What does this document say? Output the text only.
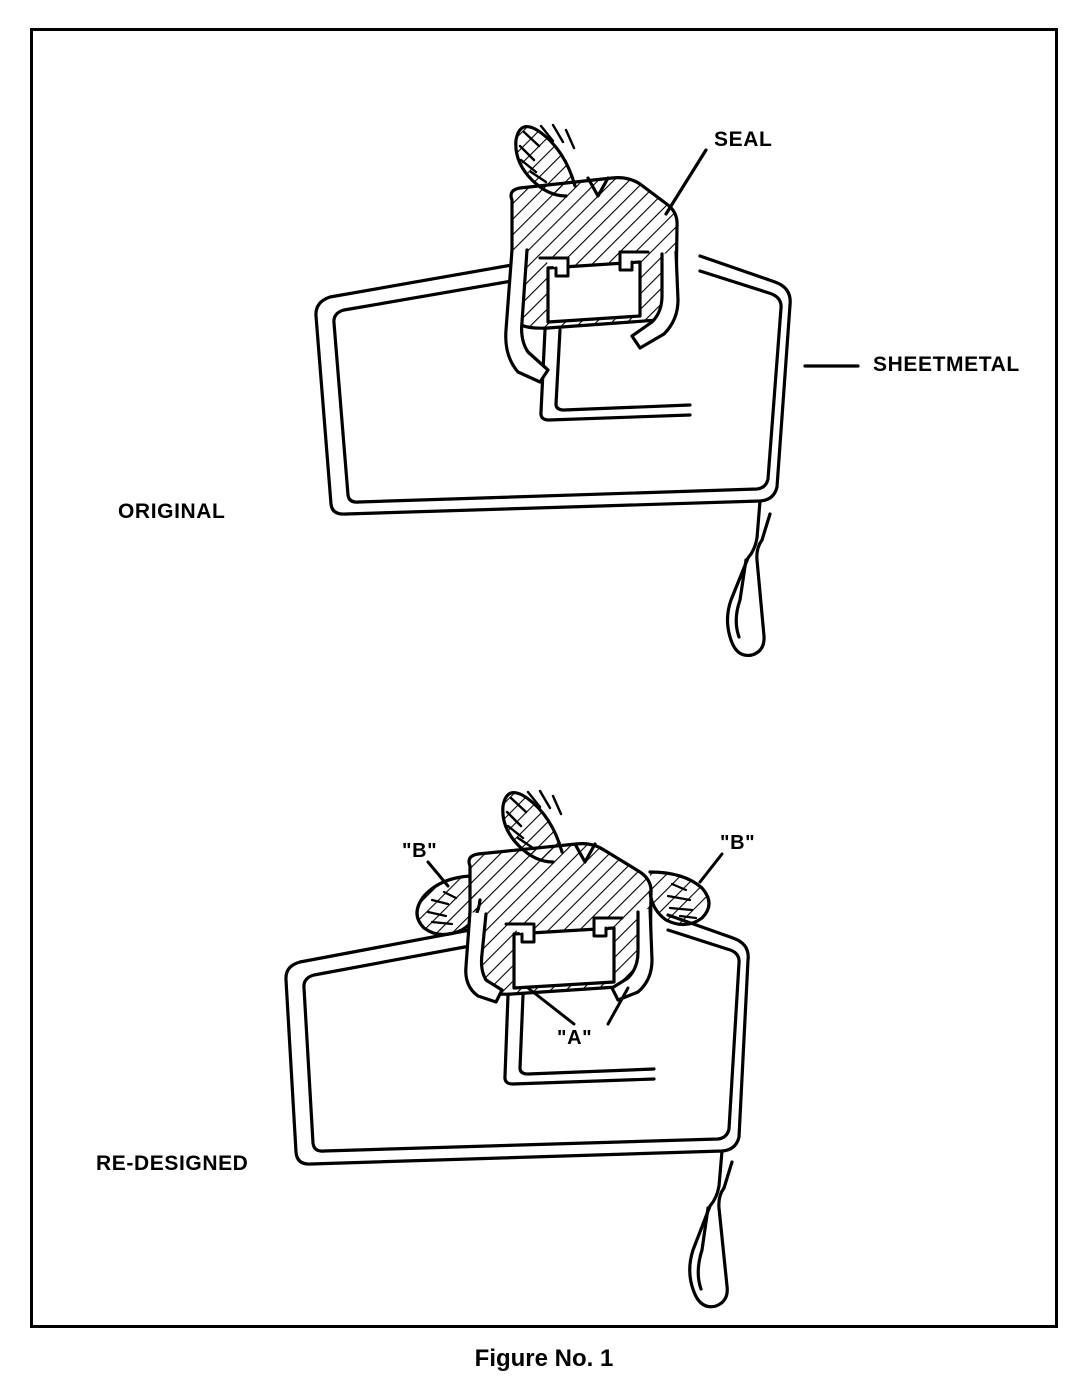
ORIGINAL
RE-DESIGNED
SEAL
SHEETMETAL
"B"	"B"
"A"
Figure No. 1
